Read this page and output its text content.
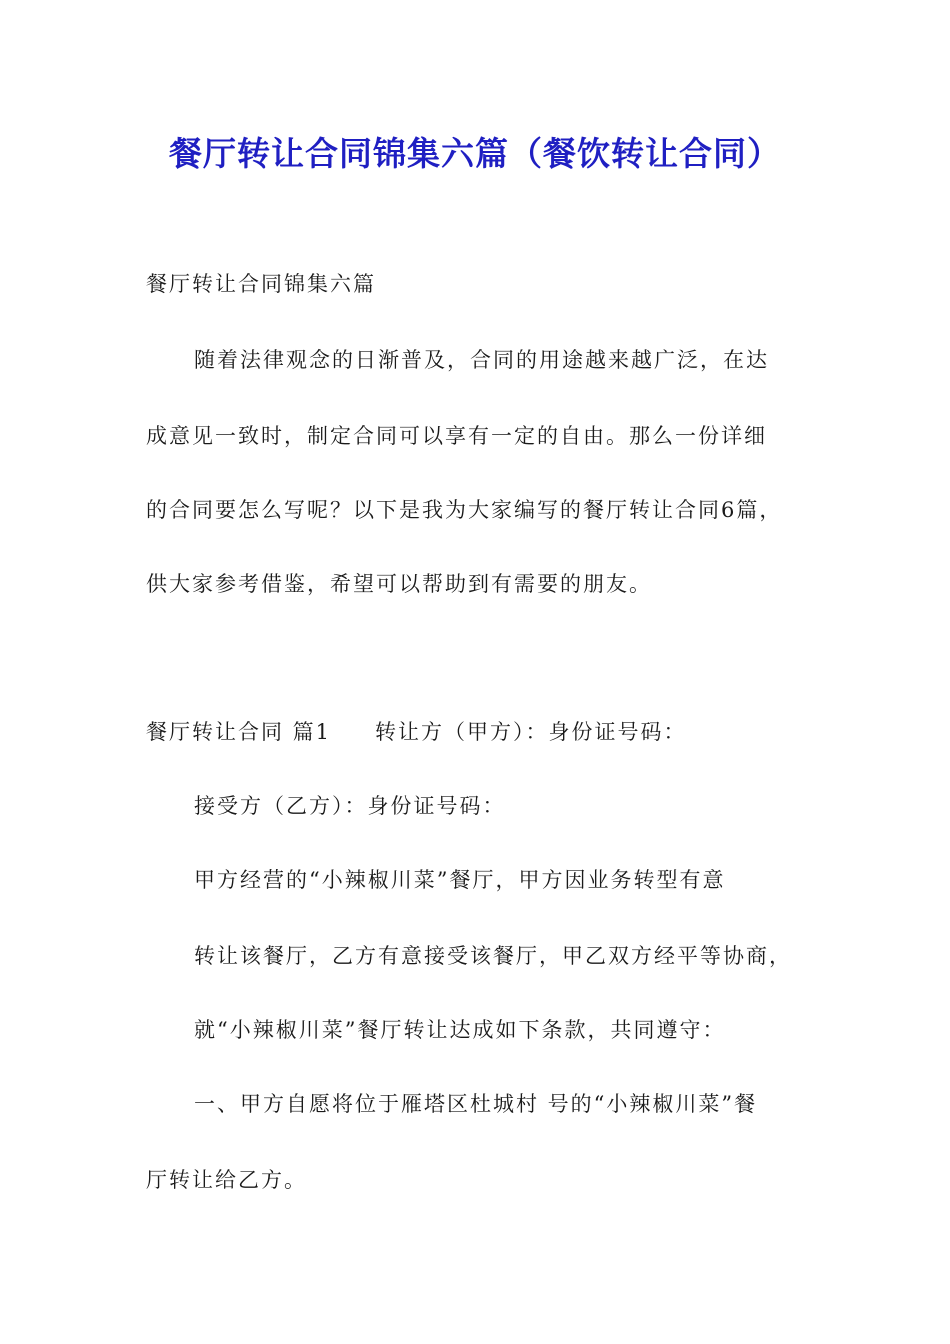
餐厅转让合同锦集六篇（餐饮转让合同）

餐厅转让合同锦集六篇

随着法律观念的日渐普及，合同的用途越来越广泛，在达

成意见一致时，制定合同可以享有一定的自由。那么一份详细

的合同要怎么写呢？以下是我为大家编写的餐厅转让合同6篇，

供大家参考借鉴，希望可以帮助到有需要的朋友。

餐厅转让合同 篇1 转让方（甲方）：身份证号码：

接受方（乙方）：身份证号码：

甲方经营的“小辣椒川菜”餐厅，甲方因业务转型有意

转让该餐厅，乙方有意接受该餐厅，甲乙双方经平等协商，

就“小辣椒川菜”餐厅转让达成如下条款，共同遵守：

一、甲方自愿将位于雁塔区杜城村 号的“小辣椒川菜”餐

厅转让给乙方。
